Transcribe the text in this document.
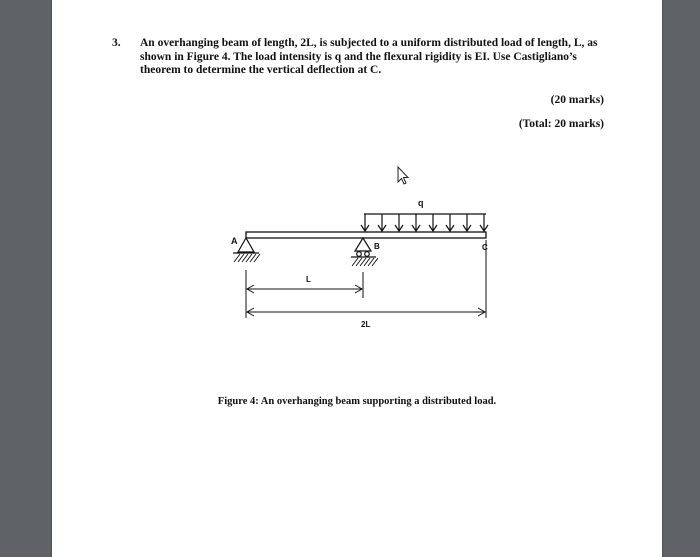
3. An overhanging beam of length, 2L, is subjected to a uniform distributed load of length, L, as
shown in Figure 4. The load intensity is q and the flexural rigidity is EI. Use Castigliano’s
theorem to determine the vertical deflection at C.
(20 marks)
(Total: 20 marks)
q
A
B	C
L
2L
Figure 4: An overhanging beam supporting a distributed load.
